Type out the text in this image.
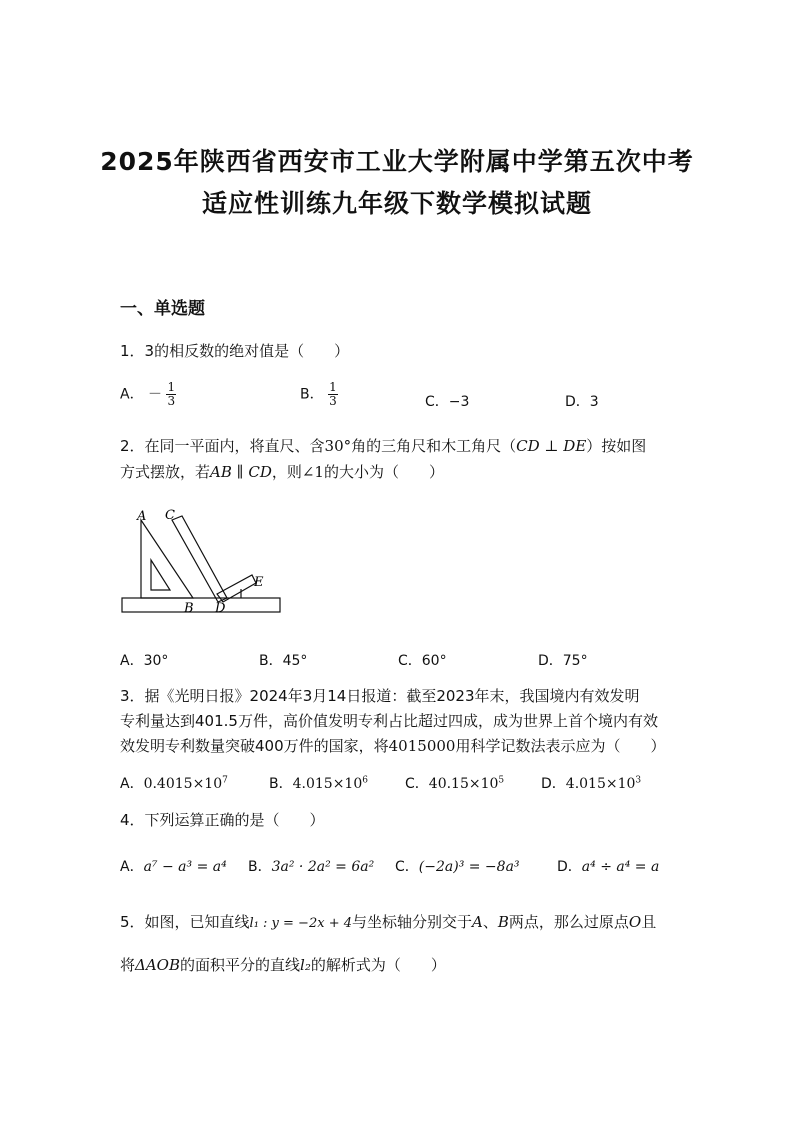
2025年陕西省西安市工业大学附属中学第五次中考
适应性训练九年级下数学模拟试题
一、单选题
1．3的相反数的绝对值是（　　）
A． － $\frac{1}{3}$	B． $\frac{1}{3}$	C．−3	D．3
2．在同一平面内，将直尺、含30°角的三角尺和木工角尺（CD ⊥ DE）按如图
方式摆放，若AB ∥ CD，则∠1的大小为（　　）
A C
E
B D
A．30°	B．45°	C．60°	D．75°
3．据《光明日报》2024年3月14日报道：截至2023年末，我国境内有效发明
专利量达到401.5万件，高价值发明专利占比超过四成，成为世界上首个境内有效
效发明专利数量突破400万件的国家，将4015000用科学记数法表示应为（　　）
A．$0.4015\times 10^7$	B．$4.015\times 10^6$	C．$40.15\times 10^5$	D．$4.015\times 10^3$
4．下列运算正确的是（　　）
A．a⁷ − a³ = a⁴ B．3a² · 2a² = 6a² C．(−2a)³ = −8a³	D．a⁴ ÷ a⁴ = a
5．如图，已知直线l₁ : y = −2x + 4与坐标轴分别交于A、B两点，那么过原点O且
将ΔAOB的面积平分的直线l₂的解析式为（　　）
